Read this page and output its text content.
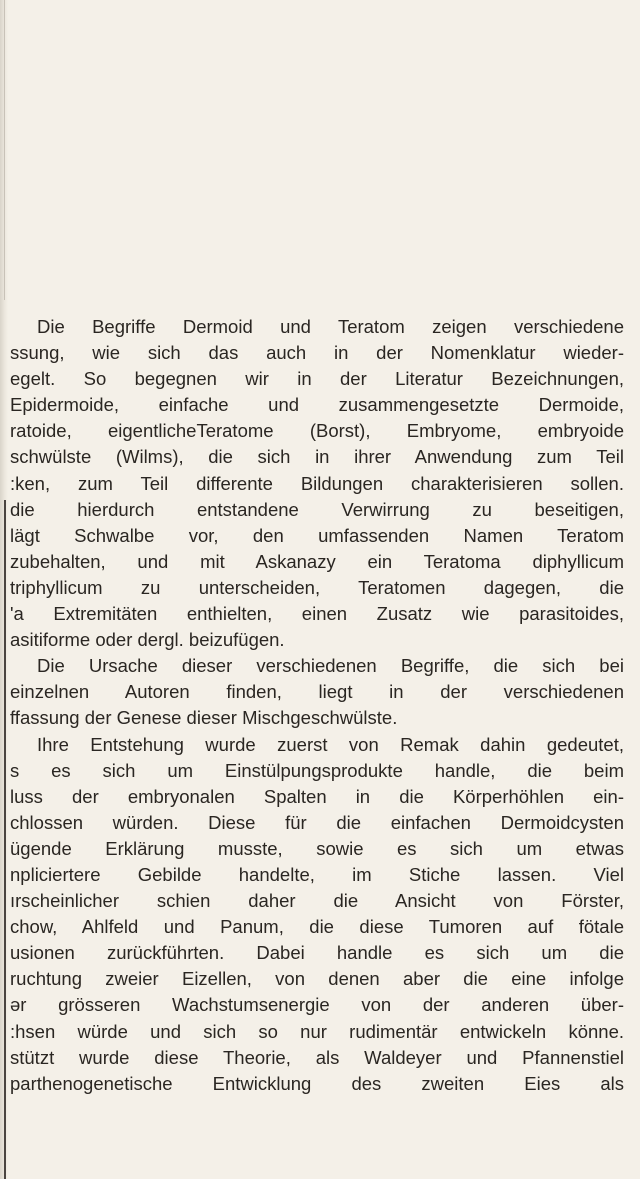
Die Begriffe Dermoid und Teratom zeigen verschiedene
ssung, wie sich das auch in der Nomenklatur wieder-
egelt. So begegnen wir in der Literatur Bezeichnungen,
Epidermoide, einfache und zusammengesetzte Dermoide,
ratoide, eigentlicheTeratome (Borst), Embryome, embryoide
schwülste (Wilms), die sich in ihrer Anwendung zum Teil
:ken, zum Teil differente Bildungen charakterisieren sollen.
die hierdurch entstandene Verwirrung zu beseitigen,
lägt Schwalbe vor, den umfassenden Namen Teratom
zubehalten, und mit Askanazy ein Teratoma diphyllicum
triphyllicum zu unterscheiden, Teratomen dagegen, die
'a Extremitäten enthielten, einen Zusatz wie parasitoides,
asitiforme oder dergl. beizufügen.
Die Ursache dieser verschiedenen Begriffe, die sich bei
einzelnen Autoren finden, liegt in der verschiedenen
ffassung der Genese dieser Mischgeschwülste.
Ihre Entstehung wurde zuerst von Remak dahin gedeutet,
s es sich um Einstülpungsprodukte handle, die beim
luss der embryonalen Spalten in die Körperhöhlen ein-
chlossen würden. Diese für die einfachen Dermoidcysten
ügende Erklärung musste, sowie es sich um etwas
npliciertere Gebilde handelte, im Stiche lassen. Viel
ırscheinlicher schien daher die Ansicht von Förster,
chow, Ahlfeld und Panum, die diese Tumoren auf fötale
usionen zurückführten. Dabei handle es sich um die
ruchtung zweier Eizellen, von denen aber die eine infolge
ər grösseren Wachstumsenergie von der anderen über-
:hsen würde und sich so nur rudimentär entwickeln könne.
stützt wurde diese Theorie, als Waldeyer und Pfannenstiel
parthenogenetische Entwicklung des zweiten Eies als
